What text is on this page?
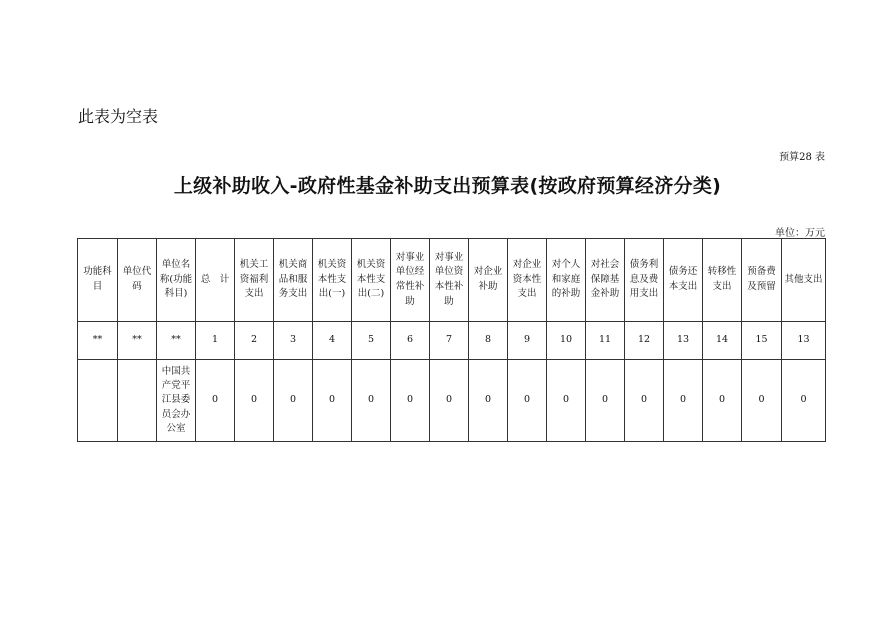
此表为空表
预算28 表
上级补助收入-政府性基金补助支出预算表(按政府预算经济分类)
单位：万元
功能科目	单位代码	单位名称(功能科目)	总　计	机关工资福利支出	机关商品和服务支出	机关资本性支出(一)	机关资本性支出(二)	对事业单位经常性补助	对事业单位资本性补助	对企业补助	对企业资本性支出	对个人和家庭的补助	对社会保障基金补助	债务利息及费用支出	债务还本支出	转移性支出	预备费及预留	其他支出
**	**	**	1	2	3	4	5	6	7	8	9	10	11	12	13	14	15	13
		中国共产党平江县委员会办公室	0	0	0	0	0	0	0	0	0	0	0	0	0	0	0	0
